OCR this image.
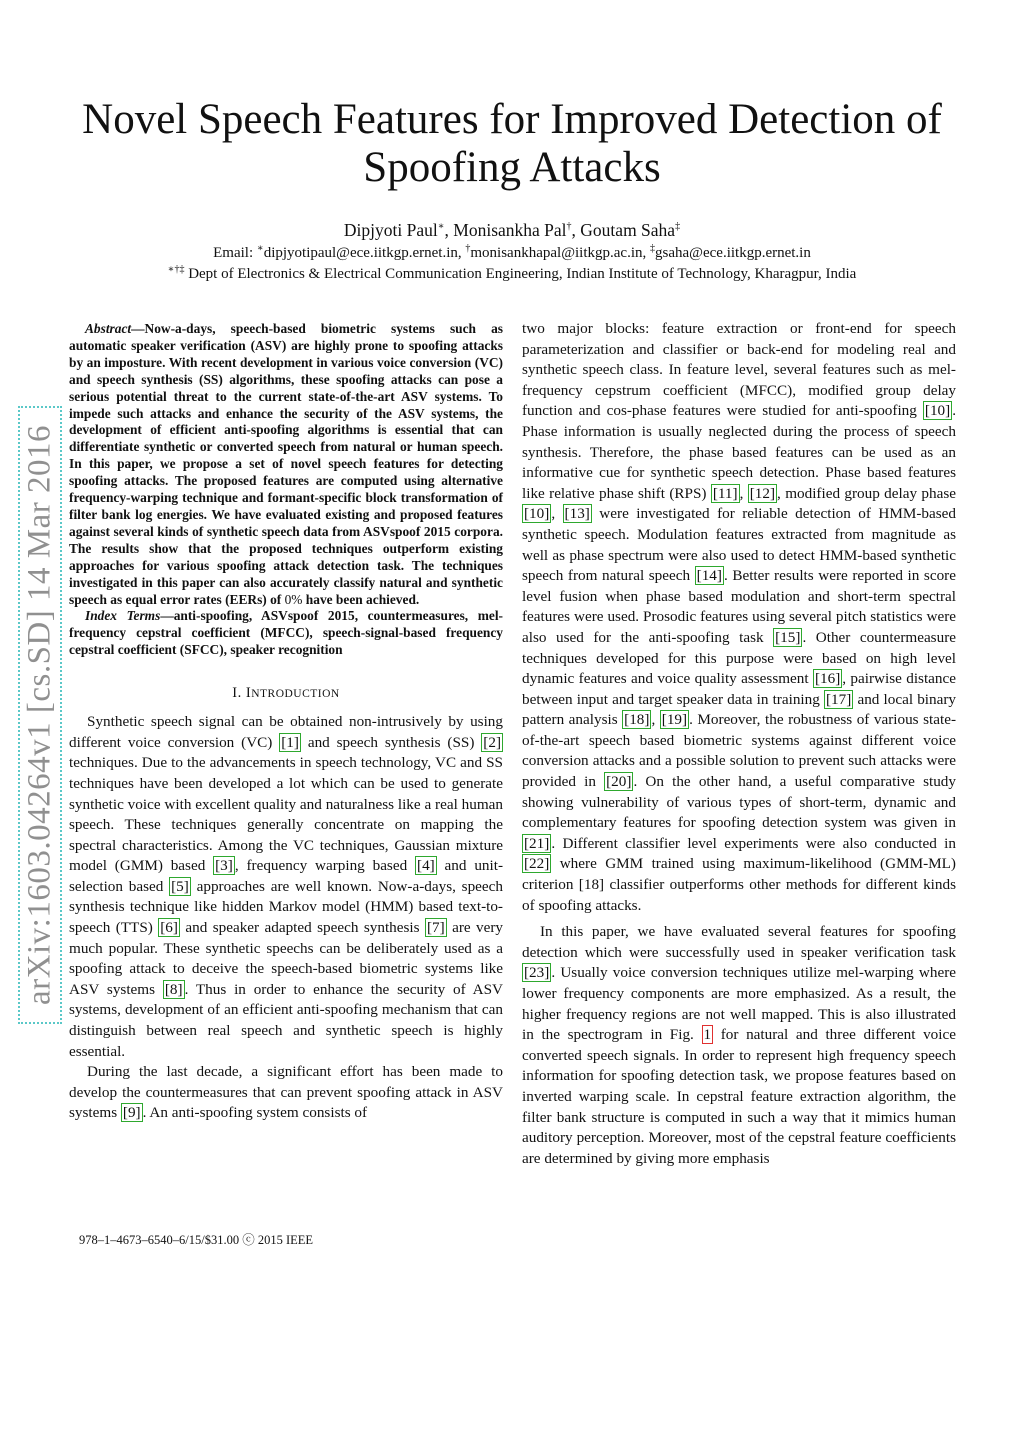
Novel Speech Features for Improved Detection of Spoofing Attacks
Dipjyoti Paul∗, Monisankha Pal†, Goutam Saha‡
Email: ∗dipjyotipaul@ece.iitkgp.ernet.in, †monisankhapal@iitkgp.ac.in, ‡gsaha@ece.iitkgp.ernet.in
∗†‡ Dept of Electronics & Electrical Communication Engineering, Indian Institute of Technology, Kharagpur, India
arXiv:1603.04264v1 [cs.SD] 14 Mar 2016

Abstract—Now-a-days, speech-based biometric systems such as automatic speaker verification (ASV) are highly prone to spoofing attacks by an imposture. With recent development in various voice conversion (VC) and speech synthesis (SS) algorithms, these spoofing attacks can pose a serious potential threat to the current state-of-the-art ASV systems. To impede such attacks and enhance the security of the ASV systems, the development of efficient anti-spoofing algorithms is essential that can differentiate synthetic or converted speech from natural or human speech. In this paper, we propose a set of novel speech features for detecting spoofing attacks. The proposed features are computed using alternative frequency-warping technique and formant-specific block transformation of filter bank log energies. We have evaluated existing and proposed features against several kinds of synthetic speech data from ASVspoof 2015 corpora. The results show that the proposed techniques outperform existing approaches for various spoofing attack detection task. The techniques investigated in this paper can also accurately classify natural and synthetic speech as equal error rates (EERs) of 0% have been achieved.

Index Terms—anti-spoofing, ASVspoof 2015, countermeasures, mel-frequency cepstral coefficient (MFCC), speech-signal-based frequency cepstral coefficient (SFCC), speaker recognition

I. INTRODUCTION

Synthetic speech signal can be obtained non-intrusively by using different voice conversion (VC) [1] and speech synthesis (SS) [2] techniques. Due to the advancements in speech technology, VC and SS techniques have been developed a lot which can be used to generate synthetic voice with excellent quality and naturalness like a real human speech. These techniques generally concentrate on mapping the spectral characteristics. Among the VC techniques, Gaussian mixture model (GMM) based [3] , frequency warping based [4] and unit-selection based [5] approaches are well known. Now-a-days, speech synthesis technique like hidden Markov model (HMM) based text-to-speech (TTS) [6] and speaker adapted speech synthesis [7] are very much popular. These synthetic speechs can be deliberately used as a spoofing attack to deceive the speech-based biometric systems like ASV systems [8] . Thus in order to enhance the security of ASV systems, development of an efficient anti-spoofing mechanism that can distinguish between real speech and synthetic speech is highly essential.

During the last decade, a significant effort has been made to develop the countermeasures that can prevent spoofing attack in ASV systems [9] . An anti-spoofing system consists of

978–1–4673–6540–6/15/$31.00 ⓒ 2015 IEEE

two major blocks: feature extraction or front-end for speech parameterization and classifier or back-end for modeling real and synthetic speech class. In feature level, several features such as mel-frequency cepstrum coefficient (MFCC), modified group delay function and cos-phase features were studied for anti-spoofing [10] . Phase information is usually neglected during the process of speech synthesis. Therefore, the phase based features can be used as an informative cue for synthetic speech detection. Phase based features like relative phase shift (RPS) [11] , [12] , modified group delay phase [10] , [13] were investigated for reliable detection of HMM-based synthetic speech. Modulation features extracted from magnitude as well as phase spectrum were also used to detect HMM-based synthetic speech from natural speech [14] . Better results were reported in score level fusion when phase based modulation and short-term spectral features were used. Prosodic features using several pitch statistics were also used for the anti-spoofing task [15] . Other countermeasure techniques developed for this purpose were based on high level dynamic features and voice quality assessment [16] , pairwise distance between input and target speaker data in training [17] and local binary pattern analysis [18] , [19] . Moreover, the robustness of various state-of-the-art speech based biometric systems against different voice conversion attacks and a possible solution to prevent such attacks were provided in [20] . On the other hand, a useful comparative study showing vulnerability of various types of short-term, dynamic and complementary features for spoofing detection system was given in [21] . Different classifier level experiments were also conducted in [22] where GMM trained using maximum-likelihood (GMM-ML) criterion [18] classifier outperforms other methods for different kinds of spoofing attacks.

In this paper, we have evaluated several features for spoofing detection which were successfully used in speaker verification task [23] . Usually voice conversion techniques utilize mel-warping where lower frequency components are more emphasized. As a result, the higher frequency regions are not well mapped. This is also illustrated in the spectrogram in Fig. 1 for natural and three different voice converted speech signals. In order to represent high frequency speech information for spoofing detection task, we propose features based on inverted warping scale. In cepstral feature extraction algorithm, the filter bank structure is computed in such a way that it mimics human auditory perception. Moreover, most of the cepstral feature coefficients are determined by giving more emphasis
